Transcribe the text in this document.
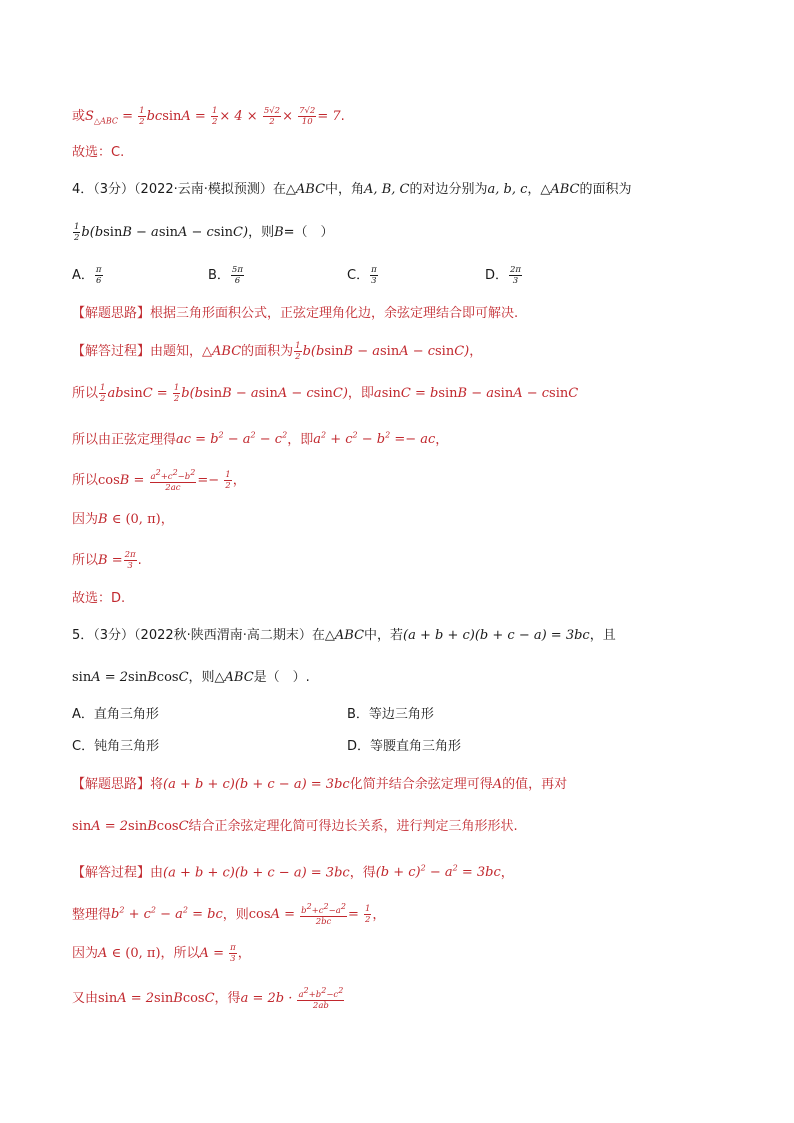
或$S_{\triangle ABC} = \frac{1}{2}$ $bcsinA = \frac{1}{2} \times 4 \times \frac{5√2}{2} \times \frac{7√2}{10} = 7$.
故选：C.
4．（3分）（2022·云南·模拟预测）在△ABC中，角A, B, C的对边分别为a, b, c，△ABC的面积为
$\frac{1}{2} b(bsinB - asinA - csinC)$，则B=（　）
A． $\frac{\pi}{6}$	B． $\frac{5\pi}{6}$	C． $\frac{\pi}{3}$	D． $\frac{2\pi}{3}$
【解题思路】根据三角形面积公式，正弦定理角化边，余弦定理结合即可解决.
【解答过程】由题知，△ABC的面积为 $\frac{1}{2} b(bsinB - asinA - csinC)$，
所以 $\frac{1}{2}$ $absinC = \frac{1}{2} b(bsinB - asinA - csinC)$，即asinC = bsinB − asinA − csinC
所以由正弦定理得ac = $b^2 - a^2 - c^2$，即$a^2 + c^2 - b^2$ =− ac，
所以$\cos B = \frac{a^2+c^2-b^2}{2ac} =- \frac{1}{2}$ ，
因为B ∈ (0, π)，
所以$B = \frac{2\pi}{3}$ .
故选：D.
5．（3分）（2022秋·陕西渭南·高二期末）在△ABC中，若(a + b + c)(b + c − a) = 3bc，且
sinA = 2sinBcosC，则△ABC是（　）.
A．直角三角形	B．等边三角形
C．钝角三角形	D．等腰直角三角形
【解题思路】将(a + b + c)(b + c − a) = 3bc化简并结合余弦定理可得A的值，再对
sinA = 2sinBcosC结合正余弦定理化简可得边长关系，进行判定三角形形状.
【解答过程】由(a + b + c)(b + c − a) = 3bc，得$(b + c)^2 - a^2 = 3bc$，
整理得$b^2 + c^2 - a^2$ = bc，则$\cos A = \frac{b^2+c^2-a^2}{2bc} = \frac{1}{2}$ ，
因为A ∈ (0, π)，所以$A = \frac{\pi}{3}$ ，
又由sinA = 2sinBcosC，得$a = 2b \cdot \frac{a^2+b^2-c^2}{2ab}$
